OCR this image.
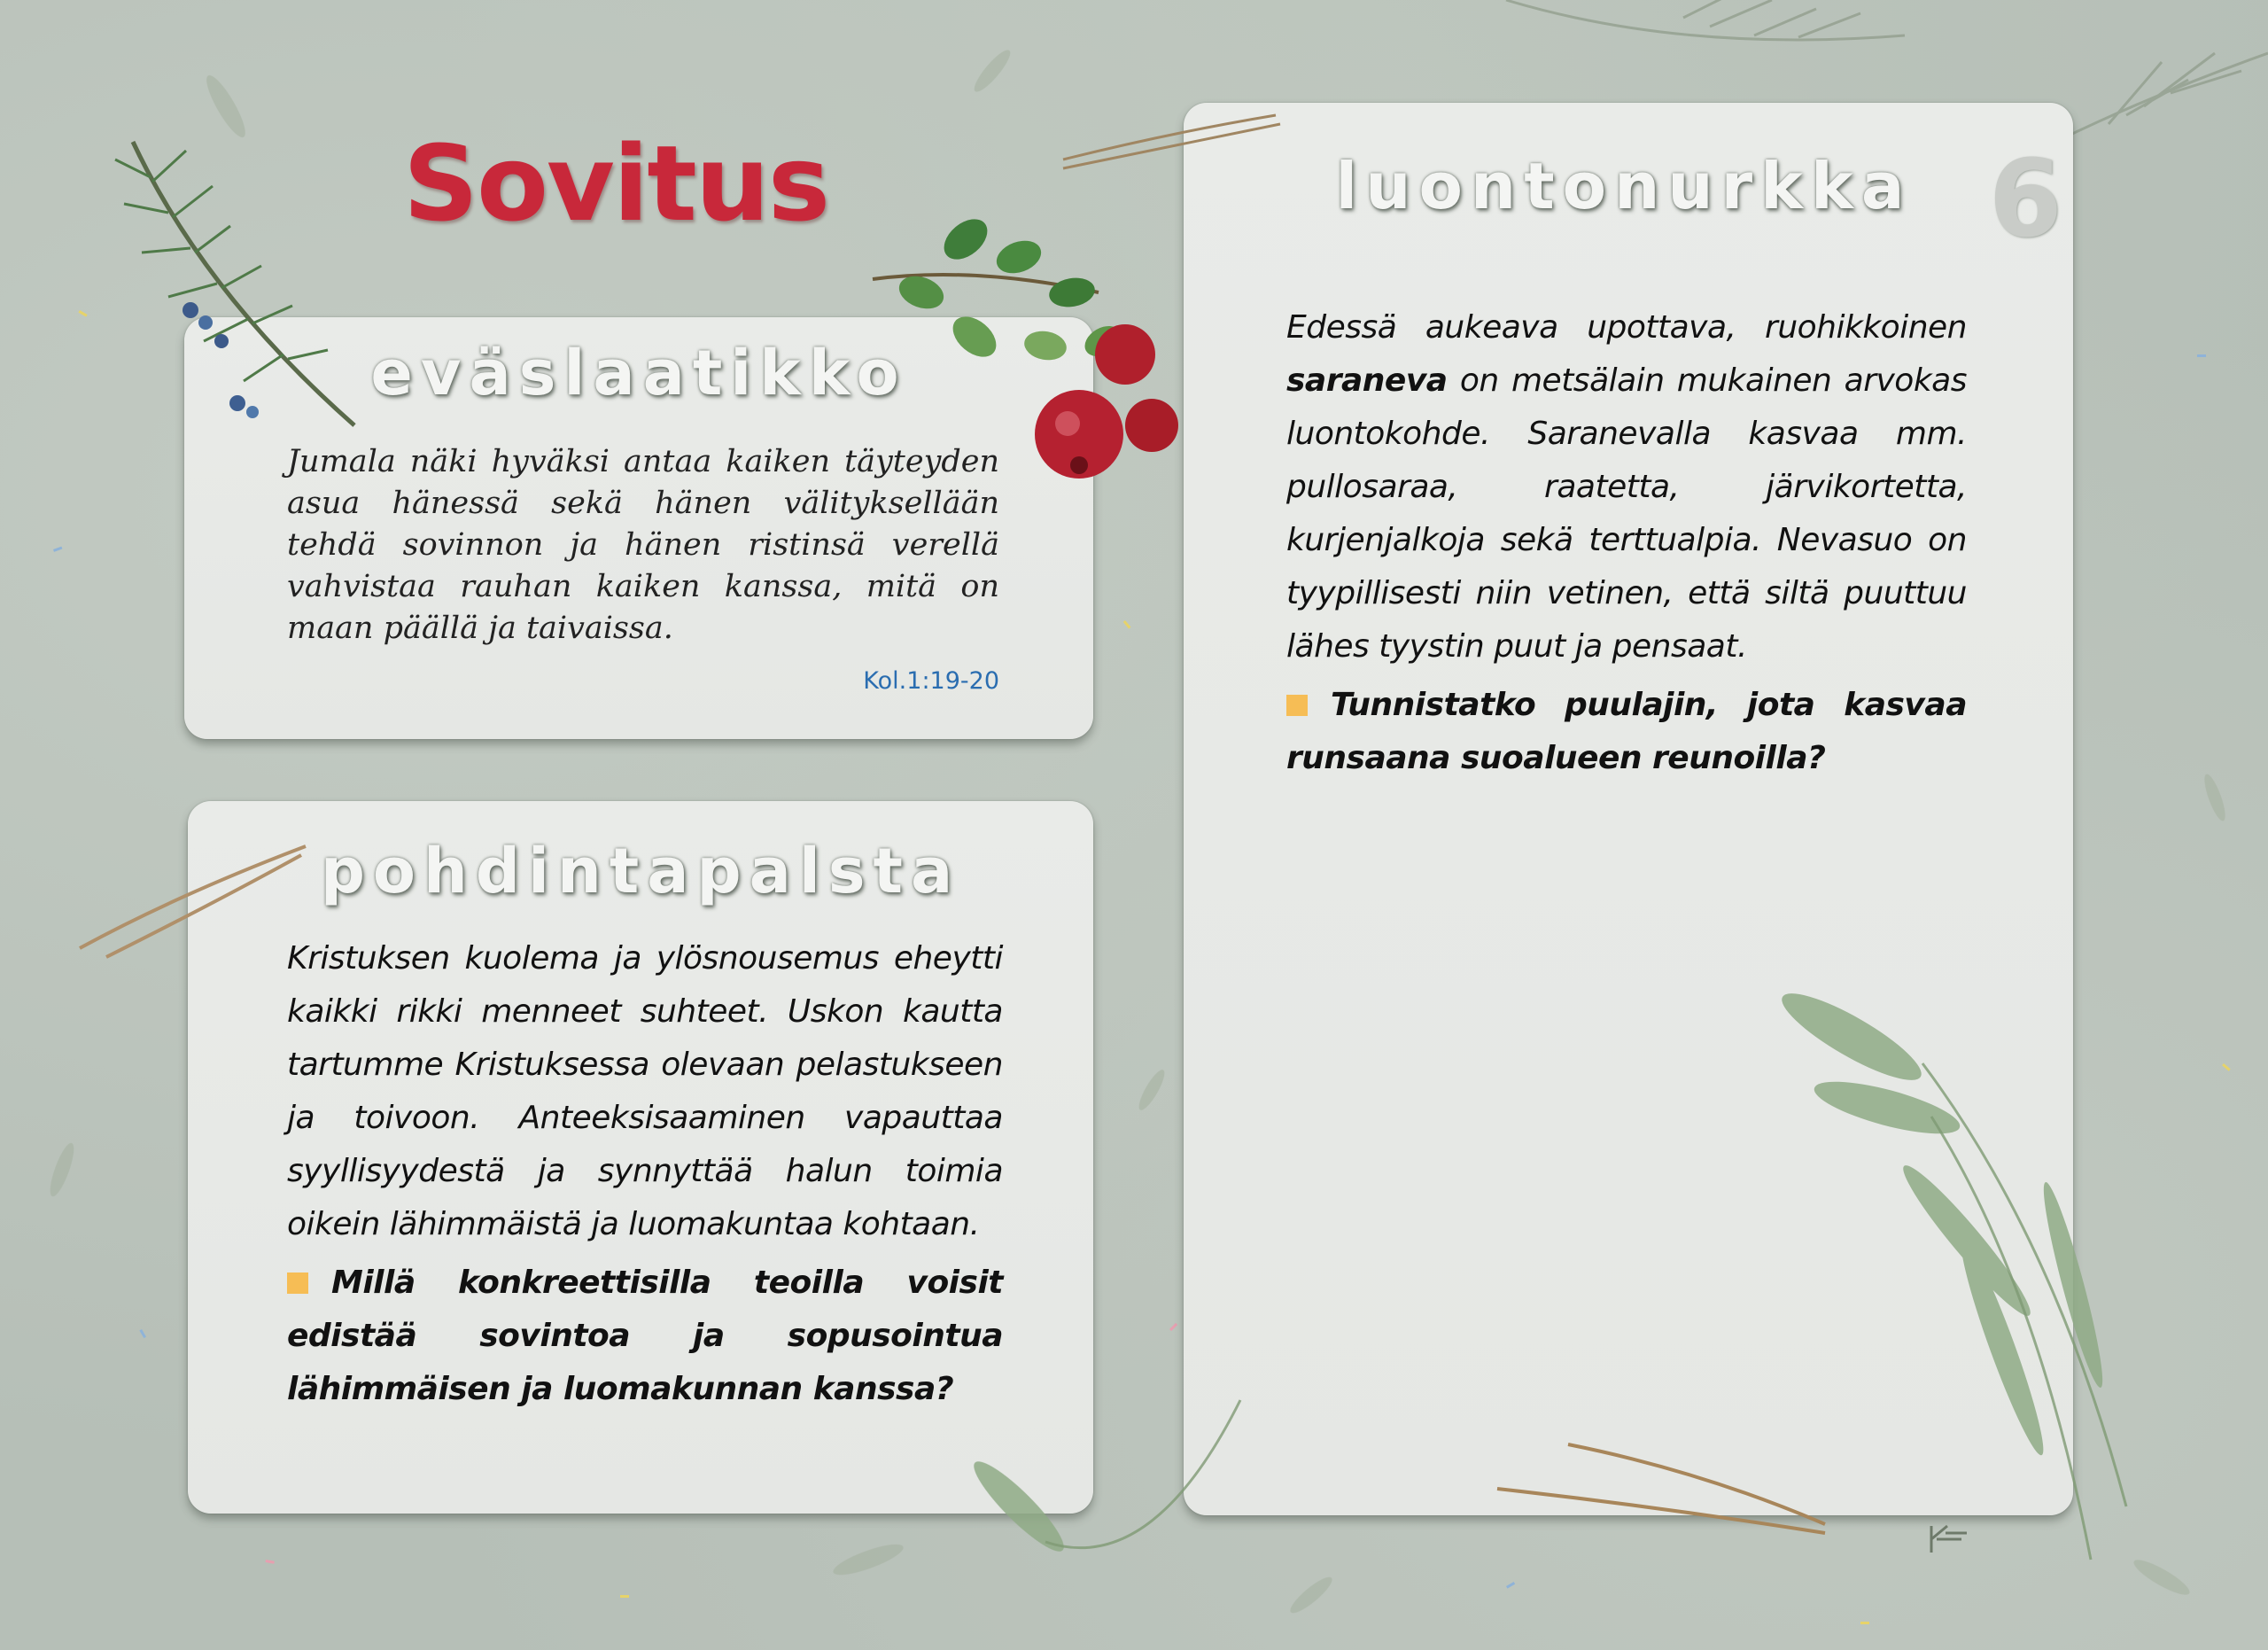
Sovitus
eväslaatikko
Jumala näki hyväksi antaa kaiken täyteyden asua hänessä sekä hänen välityksellään tehdä sovinnon ja hänen ristinsä verellä vahvistaa rauhan kaiken kanssa, mitä on maan päällä ja taivaissa.
Kol.1:19-20
pohdintapalsta

Kristuksen kuolema ja ylösnousemus eheytti kaikki rikki menneet suhteet. Uskon kautta tartumme Kristuksessa olevaan pelastukseen ja toivoon. Anteeksisaaminen vapauttaa syyllisyydestä ja synnyttää halun toimia oikein lähimmäistä ja luomakuntaa kohtaan.

Millä konkreettisilla teoilla voisit edistää sovintoa ja sopusointua lähimmäisen ja luomakunnan kanssa?

luontonurkka 6

Edessä aukeava upottava, ruohikkoinen saraneva on metsälain mukainen arvokas luontokohde. Saranevalla kasvaa mm. pullosaraa, raatetta, järvikortetta, kurjenjalkoja sekä terttualpia. Nevasuo on tyypillisesti niin vetinen, että siltä puuttuu lähes tyystin puut ja pensaat.

Tunnistatko puulajin, jota kasvaa runsaana suoalueen reunoilla?
